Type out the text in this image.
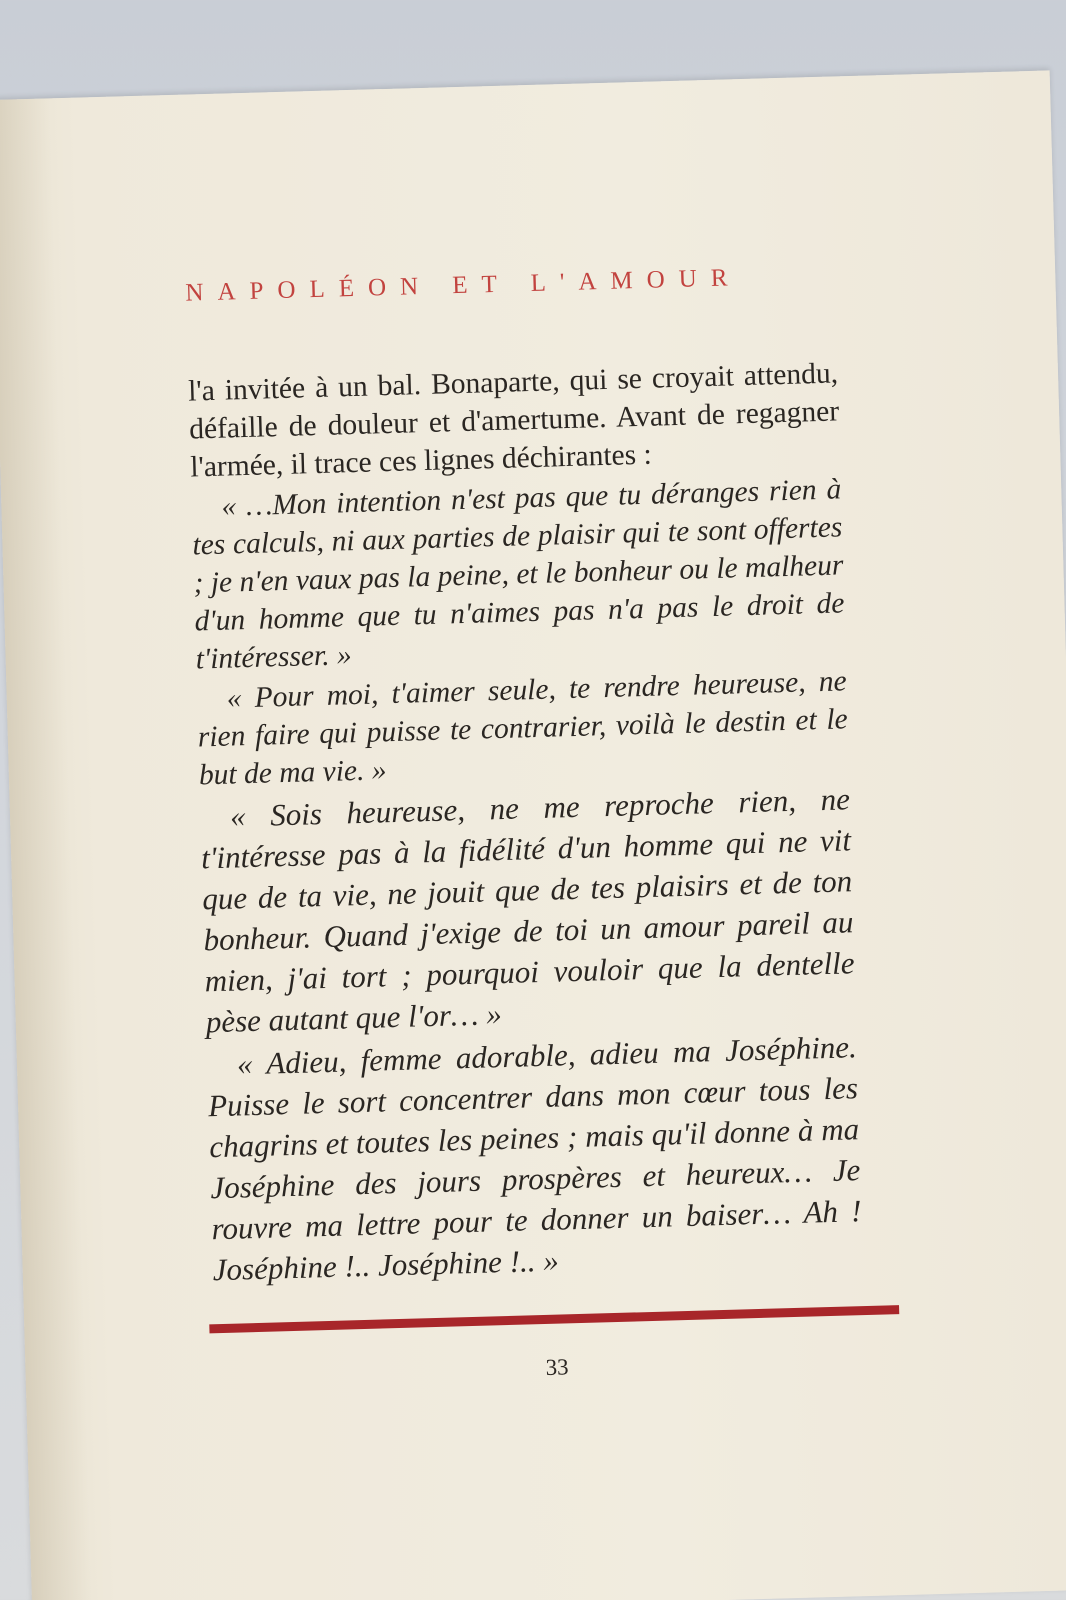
NAPOLÉON ET L'AMOUR

l'a invitée à un bal. Bonaparte, qui se croyait attendu, défaille de douleur et d'amertume. Avant de regagner l'armée, il trace ces lignes déchirantes :

« …Mon intention n'est pas que tu déranges rien à tes calculs, ni aux parties de plaisir qui te sont offertes ; je n'en vaux pas la peine, et le bonheur ou le malheur d'un homme que tu n'aimes pas n'a pas le droit de t'intéresser. »

« Pour moi, t'aimer seule, te rendre heureuse, ne rien faire qui puisse te contrarier, voilà le destin et le but de ma vie. »

« Sois heureuse, ne me reproche rien, ne t'intéresse pas à la fidélité d'un homme qui ne vit que de ta vie, ne jouit que de tes plaisirs et de ton bonheur. Quand j'exige de toi un amour pareil au mien, j'ai tort ; pourquoi vouloir que la dentelle pèse autant que l'or… »

« Adieu, femme adorable, adieu ma Joséphine. Puisse le sort concentrer dans mon cœur tous les chagrins et toutes les peines ; mais qu'il donne à ma Joséphine des jours prospères et heureux… Je rouvre ma lettre pour te donner un baiser… Ah ! Joséphine !.. Joséphine !.. »

33
